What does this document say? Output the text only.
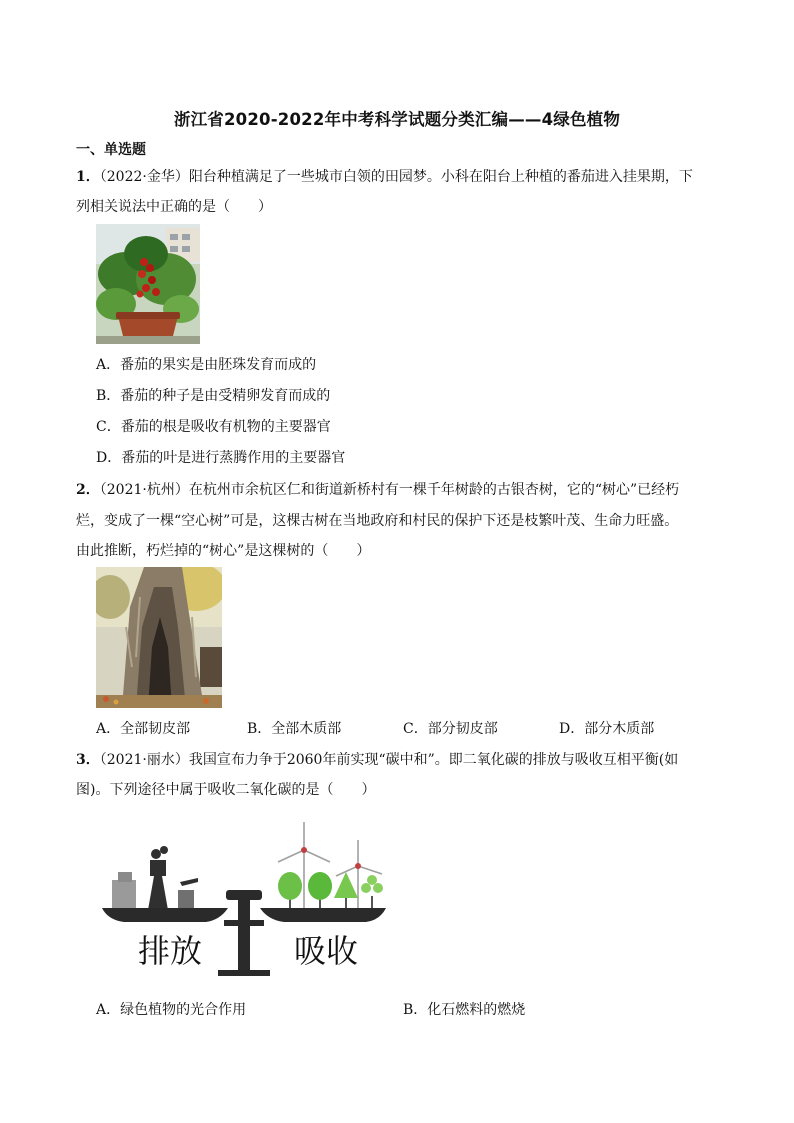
浙江省2020-2022年中考科学试题分类汇编——4绿色植物
一、单选题
1．（2022·金华）阳台种植满足了一些城市白领的田园梦。小科在阳台上种植的番茄进入挂果期，下
列相关说法中正确的是（　　）
A．番茄的果实是由胚珠发育而成的
B．番茄的种子是由受精卵发育而成的
C．番茄的根是吸收有机物的主要器官
D．番茄的叶是进行蒸腾作用的主要器官
2．（2021·杭州）在杭州市余杭区仁和街道新桥村有一棵千年树龄的古银杏树，它的“树心”已经朽
烂，变成了一棵“空心树”可是，这棵古树在当地政府和村民的保护下还是枝繁叶茂、生命力旺盛。
由此推断，朽烂掉的“树心”是这棵树的（　　）
A．全部韧皮部	B．全部木质部	C．部分韧皮部	D．部分木质部
3．（2021·丽水）我国宣布力争于2060年前实现“碳中和”。即二氧化碳的排放与吸收互相平衡(如
图)。下列途径中属于吸收二氧化碳的是（　　）
排放	吸收
A．绿色植物的光合作用	B．化石燃料的燃烧
